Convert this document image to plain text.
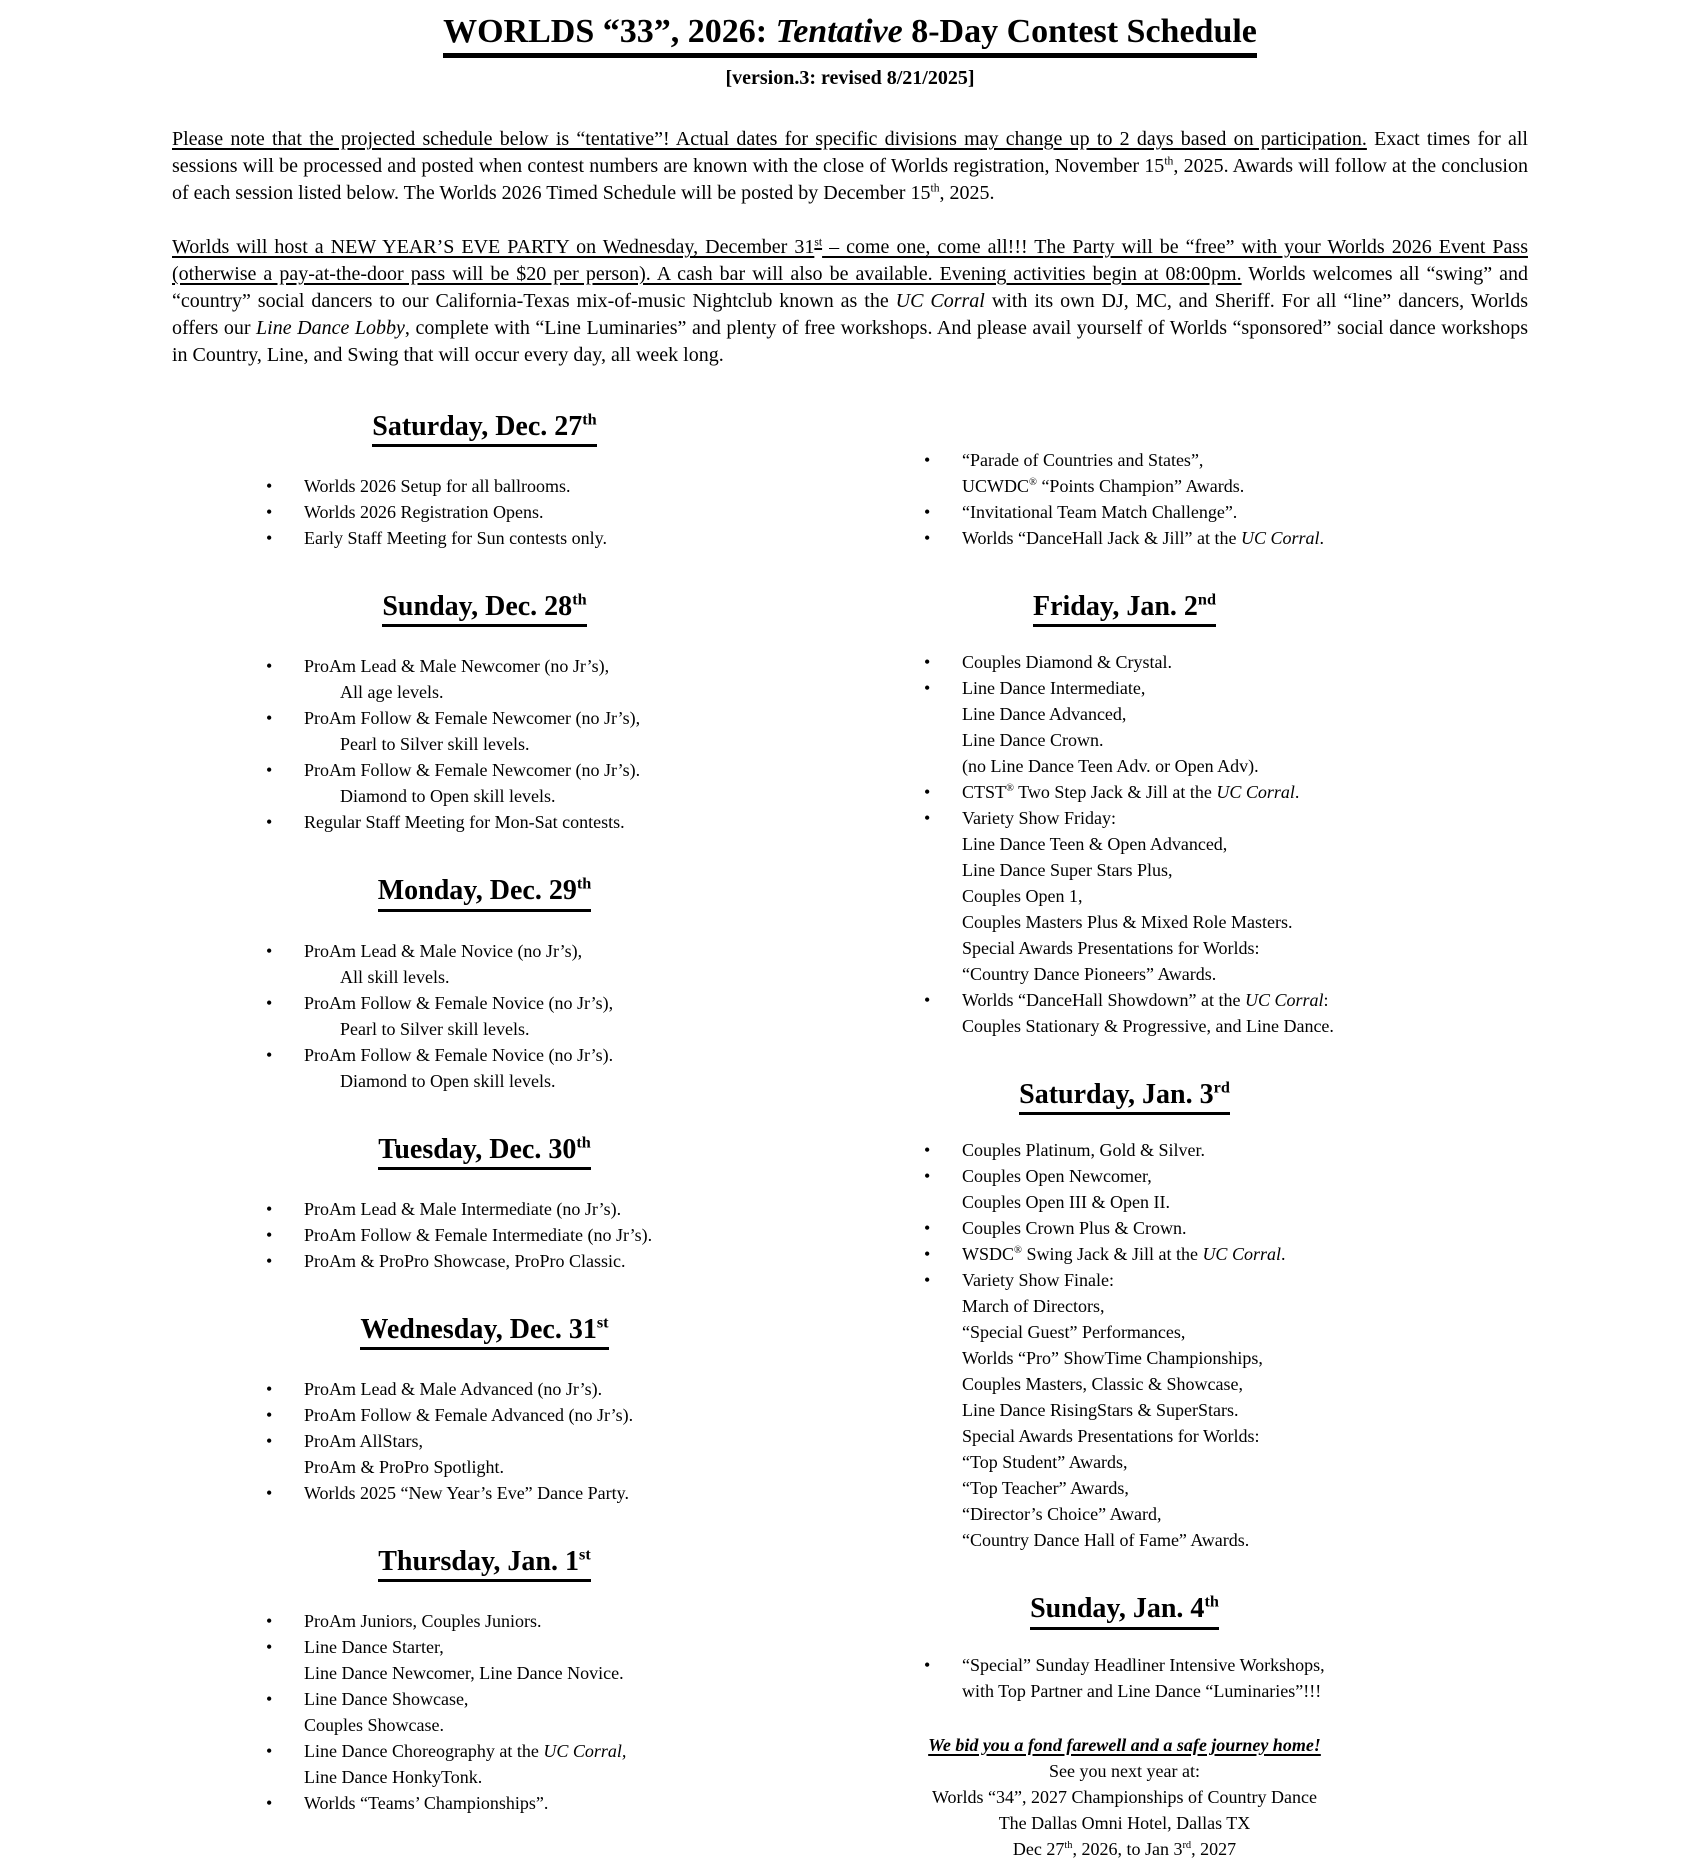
WORLDS “33”, 2026: Tentative 8-Day Contest Schedule
[version.3: revised 8/21/2025]

Please note that the projected schedule below is “tentative”! Actual dates for specific divisions may change up to 2 days based on participation. Exact times for all sessions will be processed and posted when contest numbers are known with the close of Worlds registration, November 15th, 2025. Awards will follow at the conclusion of each session listed below. The Worlds 2026 Timed Schedule will be posted by December 15th, 2025.

Worlds will host a NEW YEAR’S EVE PARTY on Wednesday, December 31st – come one, come all!!! The Party will be “free” with your Worlds 2026 Event Pass (otherwise a pay-at-the-door pass will be $20 per person). A cash bar will also be available. Evening activities begin at 08:00pm. Worlds welcomes all “swing” and “country” social dancers to our California-Texas mix-of-music Nightclub known as the UC Corral with its own DJ, MC, and Sheriff. For all “line” dancers, Worlds offers our Line Dance Lobby, complete with “Line Luminaries” and plenty of free workshops. And please avail yourself of Worlds “sponsored” social dance workshops in Country, Line, and Swing that will occur every day, all week long.

Saturday, Dec. 27th
• Worlds 2026 Setup for all ballrooms.
• Worlds 2026 Registration Opens.
• Early Staff Meeting for Sun contests only.
Sunday, Dec. 28th
• ProAm Lead & Male Newcomer (no Jr’s),
All age levels.
• ProAm Follow & Female Newcomer (no Jr’s),
Pearl to Silver skill levels.
• ProAm Follow & Female Newcomer (no Jr’s).
Diamond to Open skill levels.
• Regular Staff Meeting for Mon-Sat contests.
Monday, Dec. 29th
• ProAm Lead & Male Novice (no Jr’s),
All skill levels.
• ProAm Follow & Female Novice (no Jr’s),
Pearl to Silver skill levels.
• ProAm Follow & Female Novice (no Jr’s).
Diamond to Open skill levels.
Tuesday, Dec. 30th
• ProAm Lead & Male Intermediate (no Jr’s).
• ProAm Follow & Female Intermediate (no Jr’s).
• ProAm & ProPro Showcase, ProPro Classic.
Wednesday, Dec. 31st
• ProAm Lead & Male Advanced (no Jr’s).
• ProAm Follow & Female Advanced (no Jr’s).
• ProAm AllStars,
ProAm & ProPro Spotlight.
• Worlds 2025 “New Year’s Eve” Dance Party.
Thursday, Jan. 1st
• ProAm Juniors, Couples Juniors.
• Line Dance Starter,
Line Dance Newcomer, Line Dance Novice.
• Line Dance Showcase,
Couples Showcase.
• Line Dance Choreography at the UC Corral,
Line Dance HonkyTonk.
• Worlds “Teams’ Championships”.
• “Parade of Countries and States”,
UCWDC® “Points Champion” Awards.
• “Invitational Team Match Challenge”.
• Worlds “DanceHall Jack & Jill” at the UC Corral.
Friday, Jan. 2nd
• Couples Diamond & Crystal.
• Line Dance Intermediate,
Line Dance Advanced,
Line Dance Crown.
(no Line Dance Teen Adv. or Open Adv).
• CTST® Two Step Jack & Jill at the UC Corral.
• Variety Show Friday:
Line Dance Teen & Open Advanced,
Line Dance Super Stars Plus,
Couples Open 1,
Couples Masters Plus & Mixed Role Masters.
Special Awards Presentations for Worlds:
“Country Dance Pioneers” Awards.
• Worlds “DanceHall Showdown” at the UC Corral:
Couples Stationary & Progressive, and Line Dance.
Saturday, Jan. 3rd
• Couples Platinum, Gold & Silver.
• Couples Open Newcomer,
Couples Open III & Open II.
• Couples Crown Plus & Crown.
• WSDC® Swing Jack & Jill at the UC Corral.
• Variety Show Finale:
March of Directors,
“Special Guest” Performances,
Worlds “Pro” ShowTime Championships,
Couples Masters, Classic & Showcase,
Line Dance RisingStars & SuperStars.
Special Awards Presentations for Worlds:
“Top Student” Awards,
“Top Teacher” Awards,
“Director’s Choice” Award,
“Country Dance Hall of Fame” Awards.
Sunday, Jan. 4th
• “Special” Sunday Headliner Intensive Workshops,
with Top Partner and Line Dance “Luminaries”!!!
We bid you a fond farewell and a safe journey home!
See you next year at:
Worlds “34”, 2027 Championships of Country Dance
The Dallas Omni Hotel, Dallas TX
Dec 27th, 2026, to Jan 3rd, 2027
